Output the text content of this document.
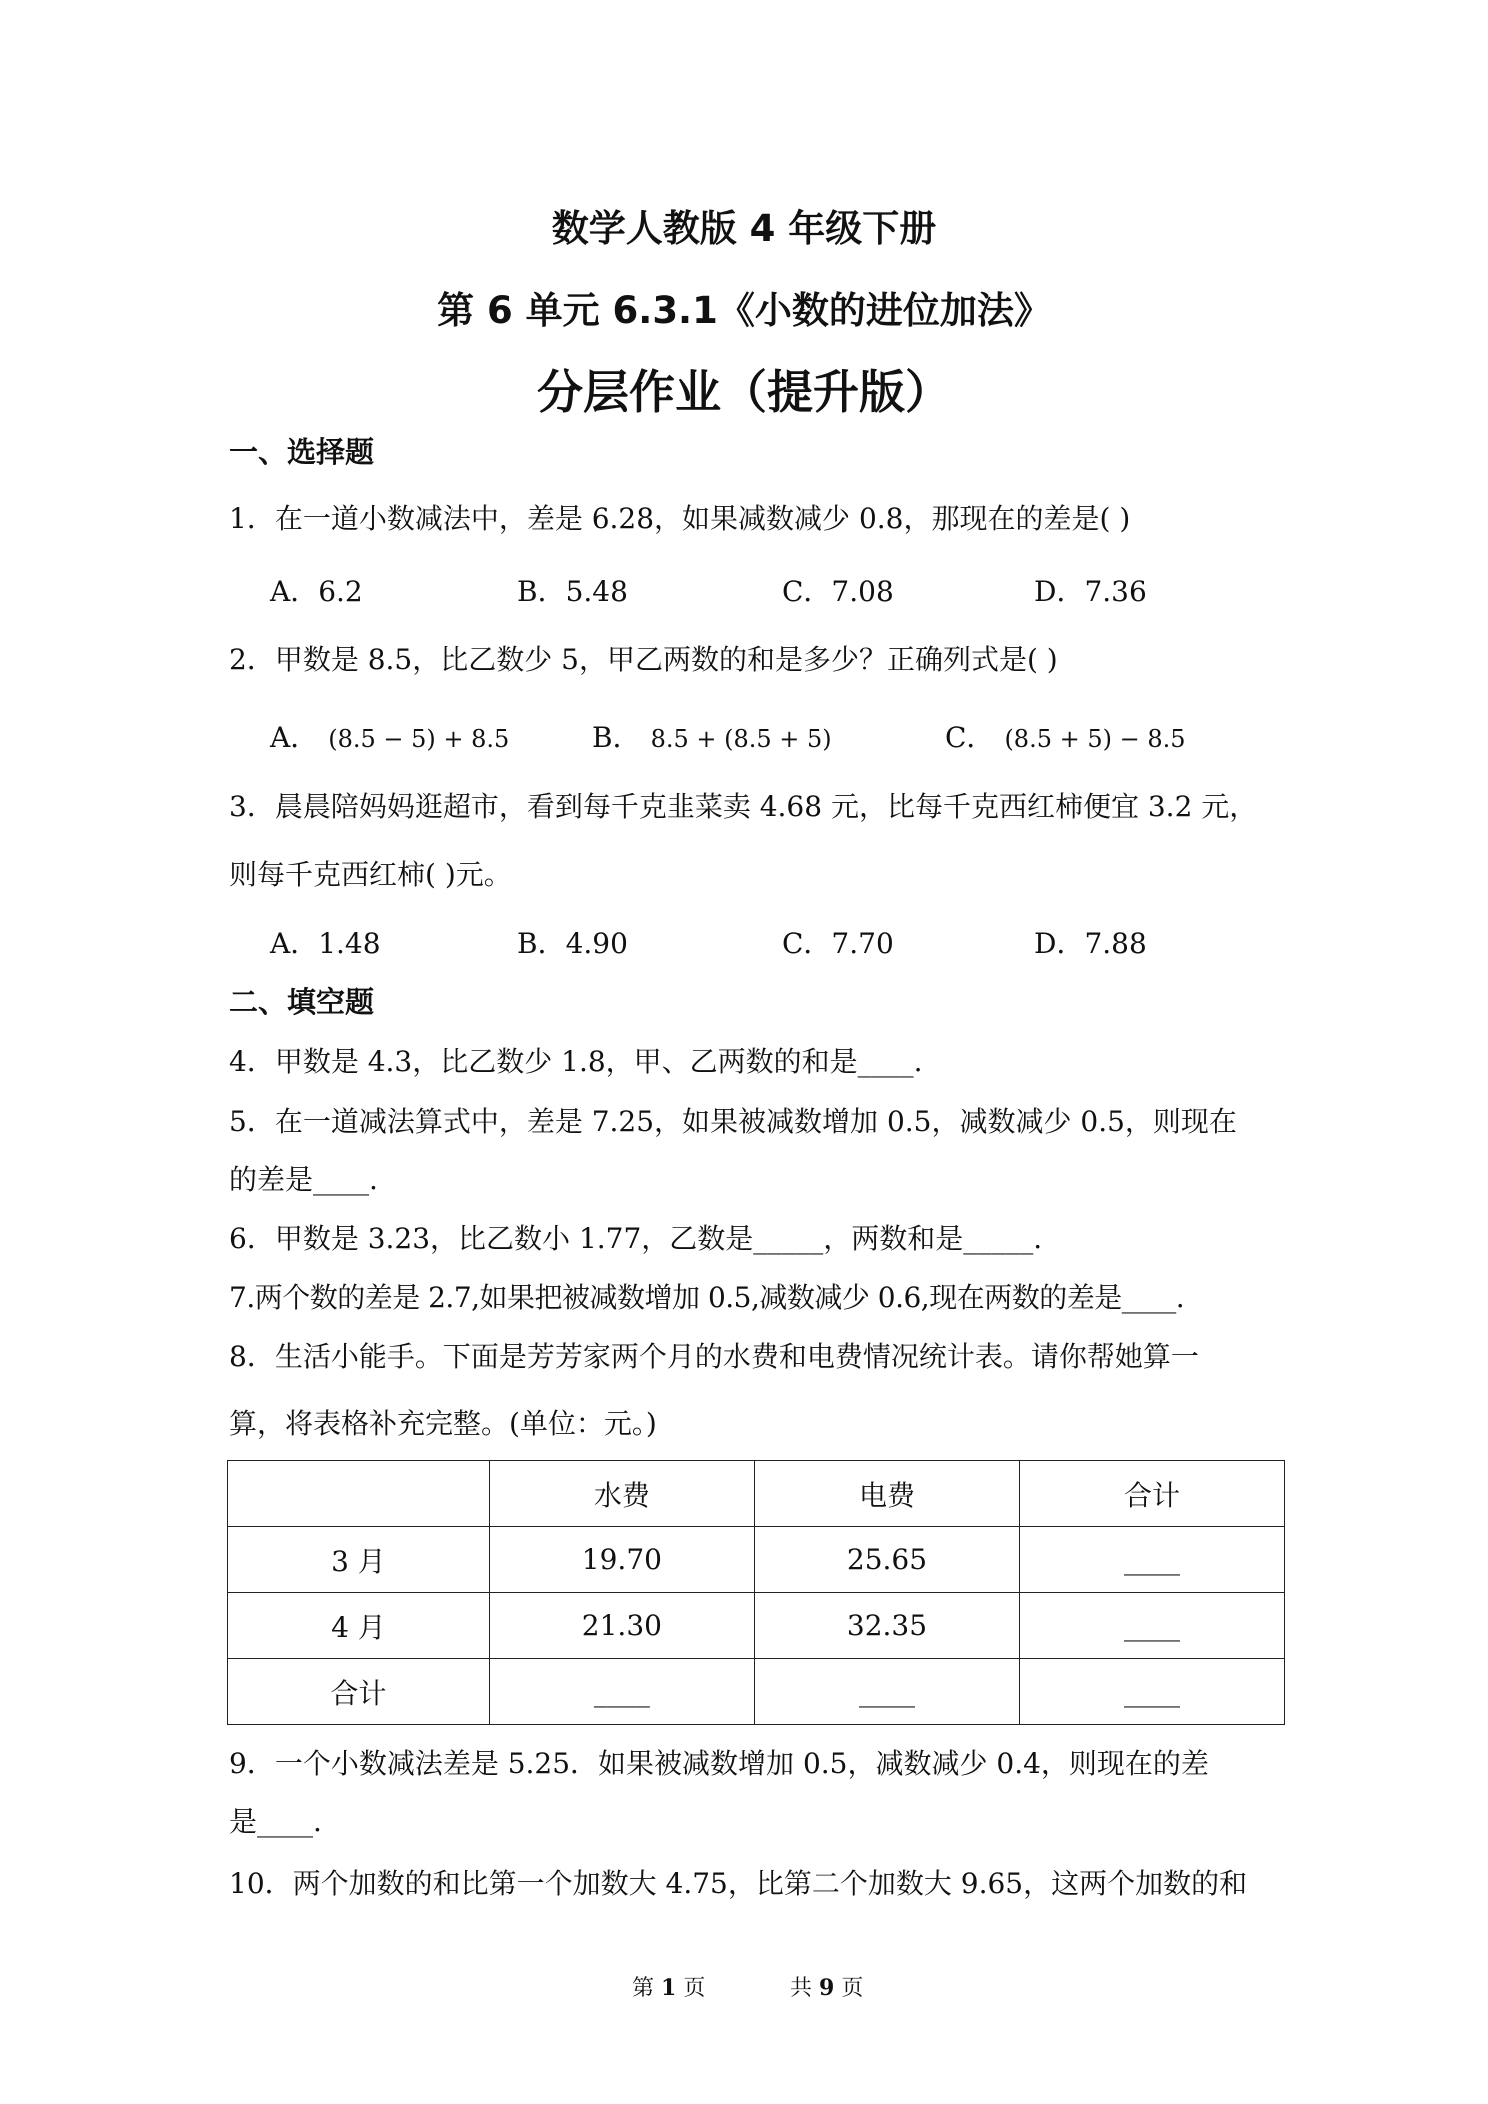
数学人教版 4 年级下册
第 6 单元 6.3.1《小数的进位加法》
分层作业（提升版）
一、选择题
1．在一道小数减法中，差是 6.28，如果减数减少 0.8，那现在的差是( )
A．6.2	B．5.48	C．7.08	D．7.36
2．甲数是 8.5，比乙数少 5，甲乙两数的和是多少？正确列式是( )
A． (8.5 − 5) + 8.5	B． 8.5 + (8.5 + 5)	C． (8.5 + 5) − 8.5
3．晨晨陪妈妈逛超市，看到每千克韭菜卖 4.68 元，比每千克西红柿便宜 3.2 元，
则每千克西红柿( )元。
A．1.48	B．4.90	C．7.70	D．7.88
二、填空题
4．甲数是 4.3，比乙数少 1.8，甲、乙两数的和是____.
5．在一道减法算式中，差是 7.25，如果被减数增加 0.5，减数减少 0.5，则现在
的差是____.
6．甲数是 3.23，比乙数小 1.77，乙数是_____，两数和是_____.
7.两个数的差是 2.7,如果把被减数增加 0.5,减数减少 0.6,现在两数的差是____.
8．生活小能手。下面是芳芳家两个月的水费和电费情况统计表。请你帮她算一
算，将表格补充完整。(单位：元。)
	水费	电费	合计
3 月	19.70	25.65	____
4 月	21.30	32.35	____
合计	____	____	____
9．一个小数减法差是 5.25．如果被减数增加 0.5，减数减少 0.4，则现在的差
是____.
10．两个加数的和比第一个加数大 4.75，比第二个加数大 9.65，这两个加数的和
第 1 页	共 9 页
